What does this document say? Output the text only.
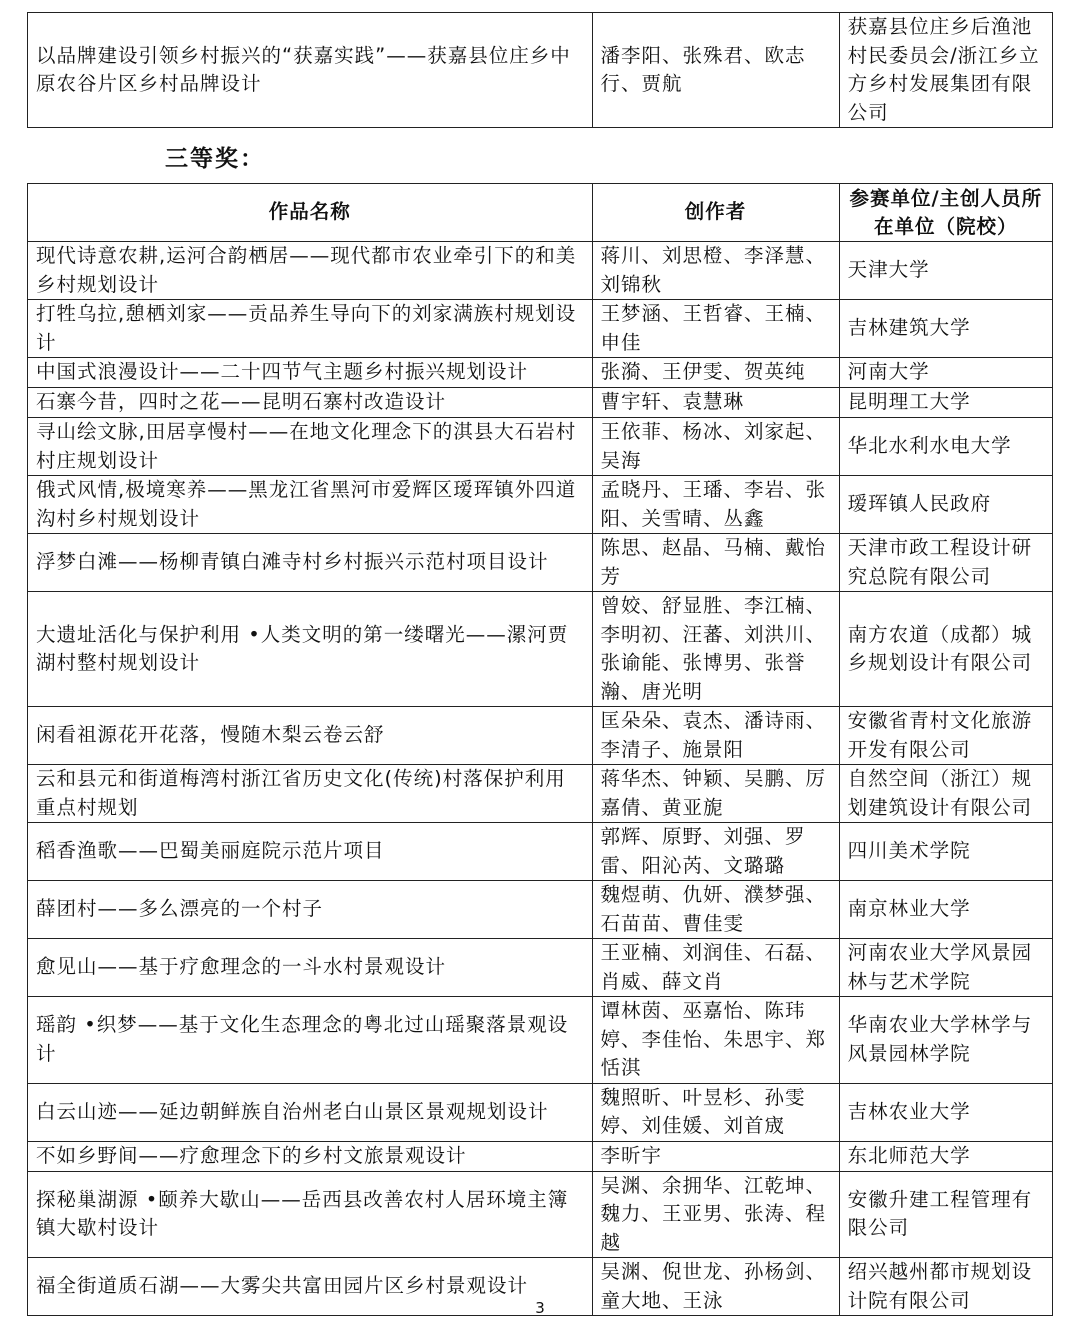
以品牌建设引领乡村振兴的“获嘉实践”——获嘉县位庄乡中原农谷片区乡村品牌设计	潘李阳、张殊君、欧志行、贾航	获嘉县位庄乡后渔池村民委员会/浙江乡立方乡村发展集团有限公司
三等奖：
作品名称	创作者	参赛单位/主创人员所在单位（院校）
现代诗意农耕,运河合韵栖居——现代都市农业牵引下的和美乡村规划设计	蒋川、刘思橙、李泽慧、刘锦秋	天津大学
打牲乌拉,憩栖刘家——贡品养生导向下的刘家满族村规划设计	王梦涵、王哲睿、王楠、申佳	吉林建筑大学
中国式浪漫设计——二十四节气主题乡村振兴规划设计	张漪、王伊雯、贺英纯	河南大学
石寨今昔，四时之花——昆明石寨村改造设计	曹宇轩、袁慧琳	昆明理工大学
寻山绘文脉,田居享慢村——在地文化理念下的淇县大石岩村村庄规划设计	王依菲、杨冰、刘家起、吴海	华北水利水电大学
俄式风情,极境寒养——黑龙江省黑河市爱辉区瑷珲镇外四道沟村乡村规划设计	孟晓丹、王璠、李岩、张阳、关雪晴、丛鑫	瑷珲镇人民政府
浮梦白滩——杨柳青镇白滩寺村乡村振兴示范村项目设计	陈思、赵晶、马楠、戴怡芳	天津市政工程设计研究总院有限公司
大遗址活化与保护利用 •人类文明的第一缕曙光——漯河贾湖村整村规划设计	曾姣、舒显胜、李江楠、李明初、汪蕃、刘洪川、张谕能、张博男、张誉瀚、唐光明	南方农道（成都）城乡规划设计有限公司
闲看祖源花开花落，慢随木梨云卷云舒	匡朵朵、袁杰、潘诗雨、李清子、施景阳	安徽省青村文化旅游开发有限公司
云和县元和街道梅湾村浙江省历史文化(传统)村落保护利用重点村规划	蒋华杰、钟颖、吴鹏、厉嘉倩、黄亚旎	自然空间（浙江）规划建筑设计有限公司
稻香渔歌——巴蜀美丽庭院示范片项目	郭辉、原野、刘强、罗雷、阳沁芮、文璐璐	四川美术学院
薛团村——多么漂亮的一个村子	魏煜萌、仇妍、濮梦强、石苗苗、曹佳雯	南京林业大学
愈见山——基于疗愈理念的一斗水村景观设计	王亚楠、刘润佳、石磊、肖威、薛文肖	河南农业大学风景园林与艺术学院
瑶韵 •织梦——基于文化生态理念的粤北过山瑶聚落景观设计	谭林茵、巫嘉怡、陈玮婷、李佳怡、朱思宇、郑恬淇	华南农业大学林学与风景园林学院
白云山迹——延边朝鲜族自治州老白山景区景观规划设计	魏照昕、叶昱杉、孙雯婷、刘佳媛、刘首宬	吉林农业大学
不如乡野间——疗愈理念下的乡村文旅景观设计	李昕宇	东北师范大学
探秘巢湖源 •颐养大歇山——岳西县改善农村人居环境主簿镇大歇村设计	吴渊、余拥华、江乾坤、魏力、王亚男、张涛、程越	安徽升建工程管理有限公司
福全街道质石湖——大雾尖共富田园片区乡村景观设计	吴渊、倪世龙、孙杨剑、童大地、王泳	绍兴越州都市规划设计院有限公司
3
